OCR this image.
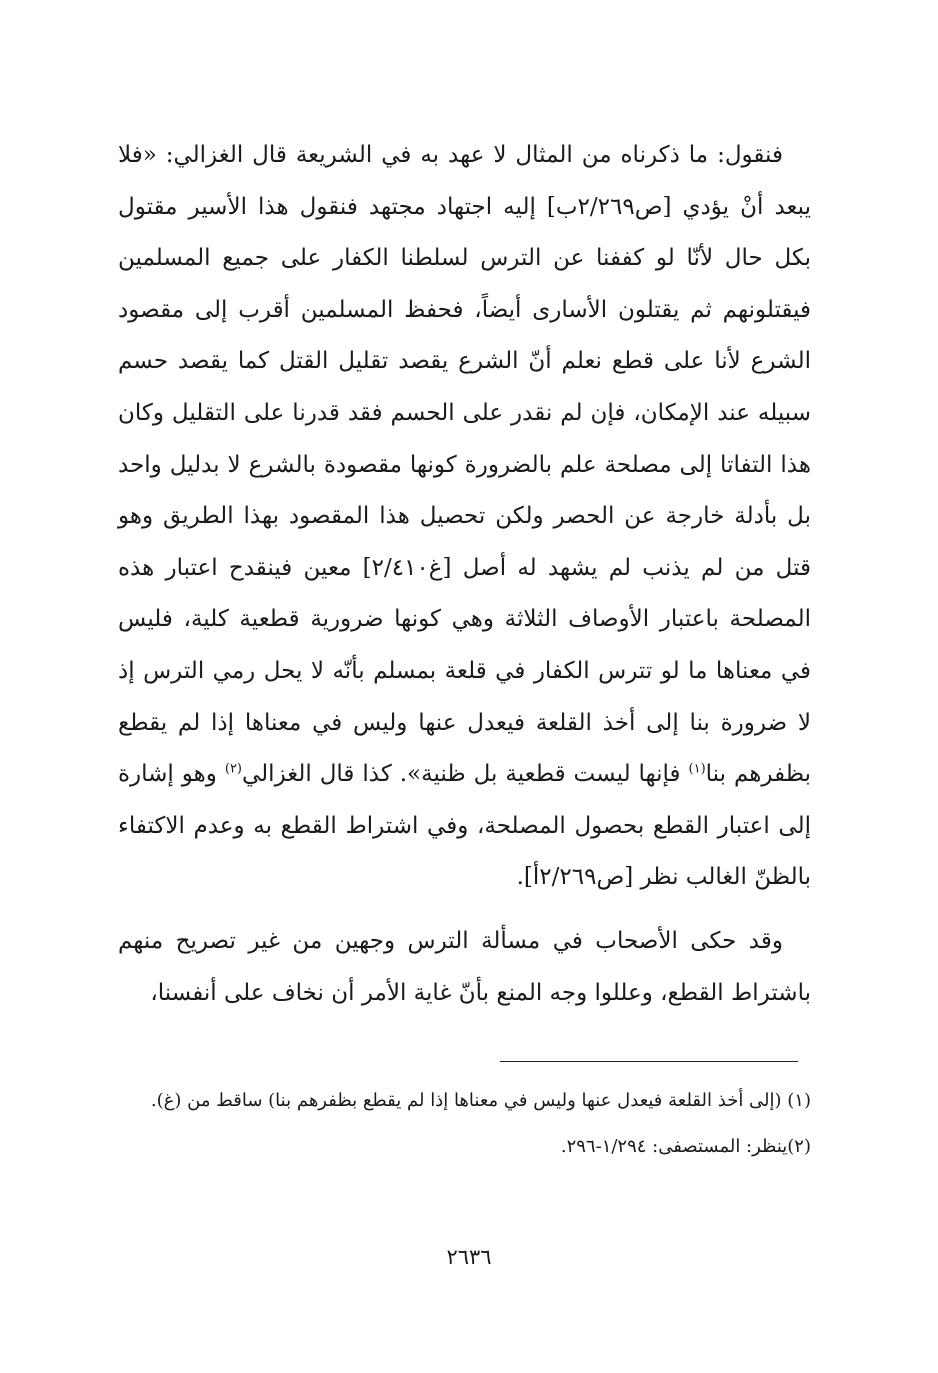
فنقول: ما ذكرناه من المثال لا عهد به في الشريعة قال الغزالي: «فلا يبعد أنْ يؤدي [ص٢/٢٦٩ب] إليه اجتهاد مجتهد فنقول هذا الأسير مقتول بكل حال لأنّا لو كففنا عن الترس لسلطنا الكفار على جميع المسلمين فيقتلونهم ثم يقتلون الأسارى أيضاً، فحفظ المسلمين أقرب إلى مقصود الشرع لأنا على قطع نعلم أنّ الشرع يقصد تقليل القتل كما يقصد حسم سبيله عند الإمكان، فإن لم نقدر على الحسم فقد قدرنا على التقليل وكان هذا التفاتا إلى مصلحة علم بالضرورة كونها مقصودة بالشرع لا بدليل واحد بل بأدلة خارجة عن الحصر ولكن تحصيل هذا المقصود بهذا الطريق وهو قتل من لم يذنب لم يشهد له أصل [غ٢/٤١٠] معين فينقدح اعتبار هذه المصلحة باعتبار الأوصاف الثلاثة وهي كونها ضرورية قطعية كلية، فليس في معناها ما لو تترس الكفار في قلعة بمسلم بأنّه لا يحل رمي الترس إذ لا ضرورة بنا إلى أخذ القلعة فيعدل عنها وليس في معناها إذا لم يقطع بظفرهم بنا$^{(١)}$ فإنها ليست قطعية بل ظنية». كذا قال الغزالي$^{(٢)}$ وهو إشارة إلى اعتبار القطع بحصول المصلحة، وفي اشتراط القطع به وعدم الاكتفاء بالظنّ الغالب نظر [ص٢/٢٦٩أ].

وقد حكى الأصحاب في مسألة الترس وجهين من غير تصريح منهم باشتراط القطع، وعللوا وجه المنع بأنّ غاية الأمر أن نخاف على أنفسنا،

(١) (إلى أخذ القلعة فيعدل عنها وليس في معناها إذا لم يقطع بظفرهم بنا) ساقط من (غ).

(٢)ينظر: المستصفى: ١/٢٩٤-٢٩٦.

٢٦٣٦
